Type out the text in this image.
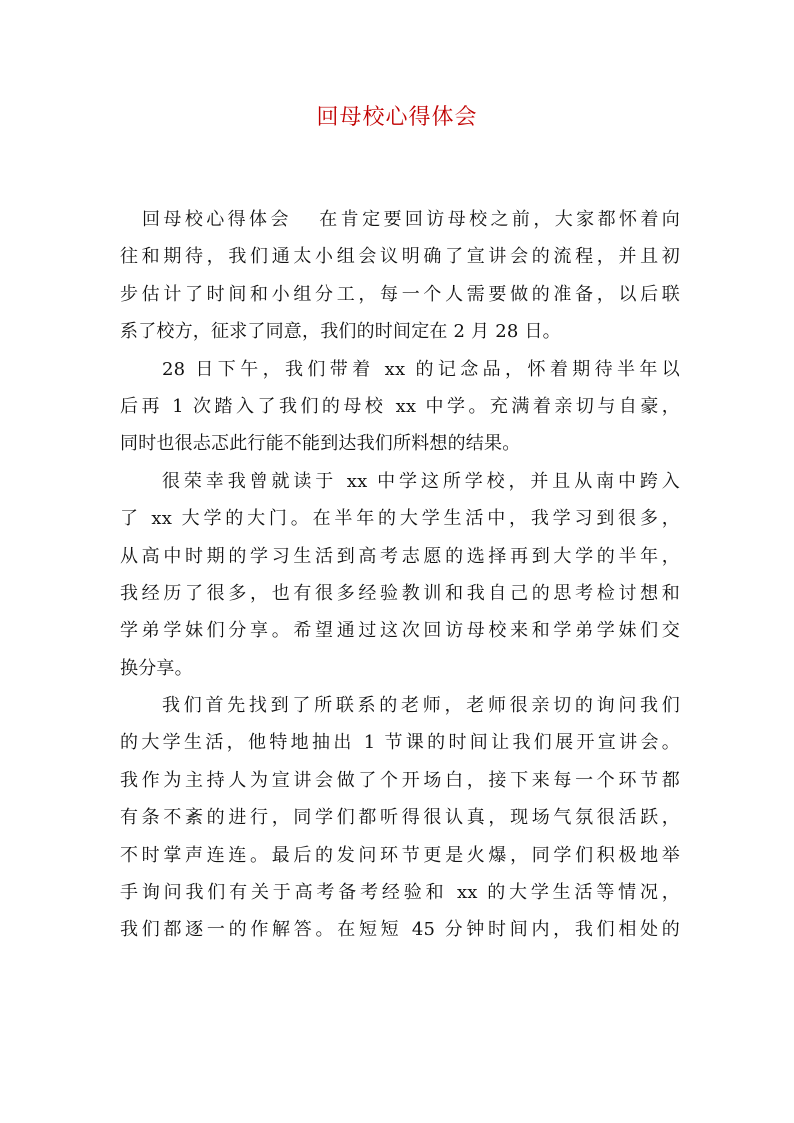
回母校心得体会
回母校心得体会   在肯定要回访母校之前，大家都怀着向
往和期待，我们通太小组会议明确了宣讲会的流程，并且初
步估计了时间和小组分工，每一个人需要做的准备，以后联
系了校方，征求了同意，我们的时间定在 2 月 28 日。
28 日下午，我们带着 xx 的记念品，怀着期待半年以
后再 1 次踏入了我们的母校 xx 中学。充满着亲切与自豪，
同时也很忐忑此行能不能到达我们所料想的结果。
很荣幸我曾就读于 xx 中学这所学校，并且从南中跨入
了 xx 大学的大门。在半年的大学生活中，我学习到很多，
从高中时期的学习生活到高考志愿的选择再到大学的半年，
我经历了很多，也有很多经验教训和我自己的思考检讨想和
学弟学妹们分享。希望通过这次回访母校来和学弟学妹们交
换分享。
我们首先找到了所联系的老师，老师很亲切的询问我们
的大学生活，他特地抽出 1 节课的时间让我们展开宣讲会。
我作为主持人为宣讲会做了个开场白，接下来每一个环节都
有条不紊的进行，同学们都听得很认真，现场气氛很活跃，
不时掌声连连。最后的发问环节更是火爆，同学们积极地举
手询问我们有关于高考备考经验和 xx 的大学生活等情况，
我们都逐一的作解答。在短短 45 分钟时间内，我们相处的
